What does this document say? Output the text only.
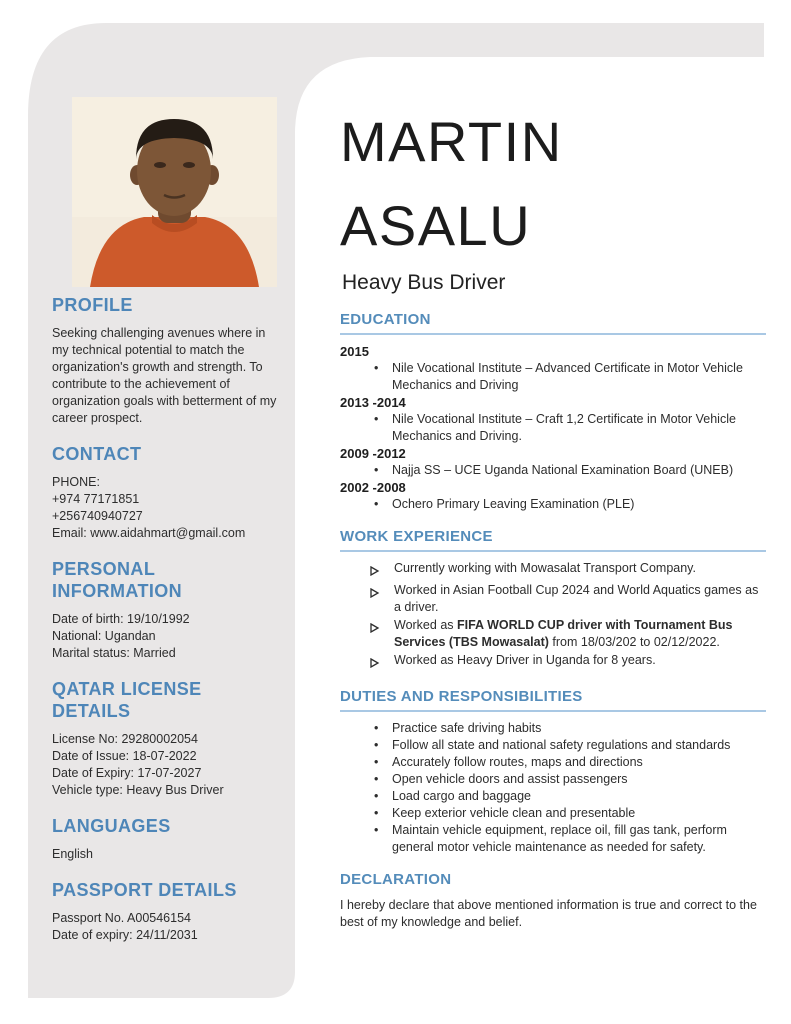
PROFILE

Seeking challenging avenues where in my technical potential to match the organization's growth and strength. To contribute to the achievement of organization goals with betterment of my career prospect.

CONTACT
PHONE:
+974 77171851
+256740940727
Email: www.aidahmart@gmail.com
PERSONAL INFORMATION
Date of birth: 19/10/1992
National: Ugandan
Marital status: Married
QATAR LICENSE DETAILS
License No: 29280002054
Date of Issue: 18-07-2022
Date of Expiry: 17-07-2027
Vehicle type: Heavy Bus Driver
LANGUAGES
English
PASSPORT DETAILS
Passport No. A00546154
Date of expiry: 24/11/2031
MARTIN
ASALU
Heavy Bus Driver
EDUCATION
2015
•	Nile Vocational Institute – Advanced Certificate in Motor Vehicle Mechanics and Driving
2013 -2014
•	Nile Vocational Institute – Craft 1,2 Certificate in Motor Vehicle Mechanics and Driving.
2009 -2012
•	Najja SS – UCE Uganda National Examination Board (UNEB)
2002 -2008
•	Ochero Primary Leaving Examination (PLE)
WORK EXPERIENCE
Currently working with Mowasalat Transport Company.
Worked in Asian Football Cup 2024 and World Aquatics games as a driver.
Worked as FIFA WORLD CUP driver with Tournament Bus Services (TBS Mowasalat) from 18/03/202 to 02/12/2022.
Worked as Heavy Driver in Uganda for 8 years.
DUTIES AND RESPONSIBILITIES
•	Practice safe driving habits
•	Follow all state and national safety regulations and standards
•	Accurately follow routes, maps and directions
•	Open vehicle doors and assist passengers
•	Load cargo and baggage
•	Keep exterior vehicle clean and presentable
•	Maintain vehicle equipment, replace oil, fill gas tank, perform general motor vehicle maintenance as needed for safety.
DECLARATION

I hereby declare that above mentioned information is true and correct to the best of my knowledge and belief.
